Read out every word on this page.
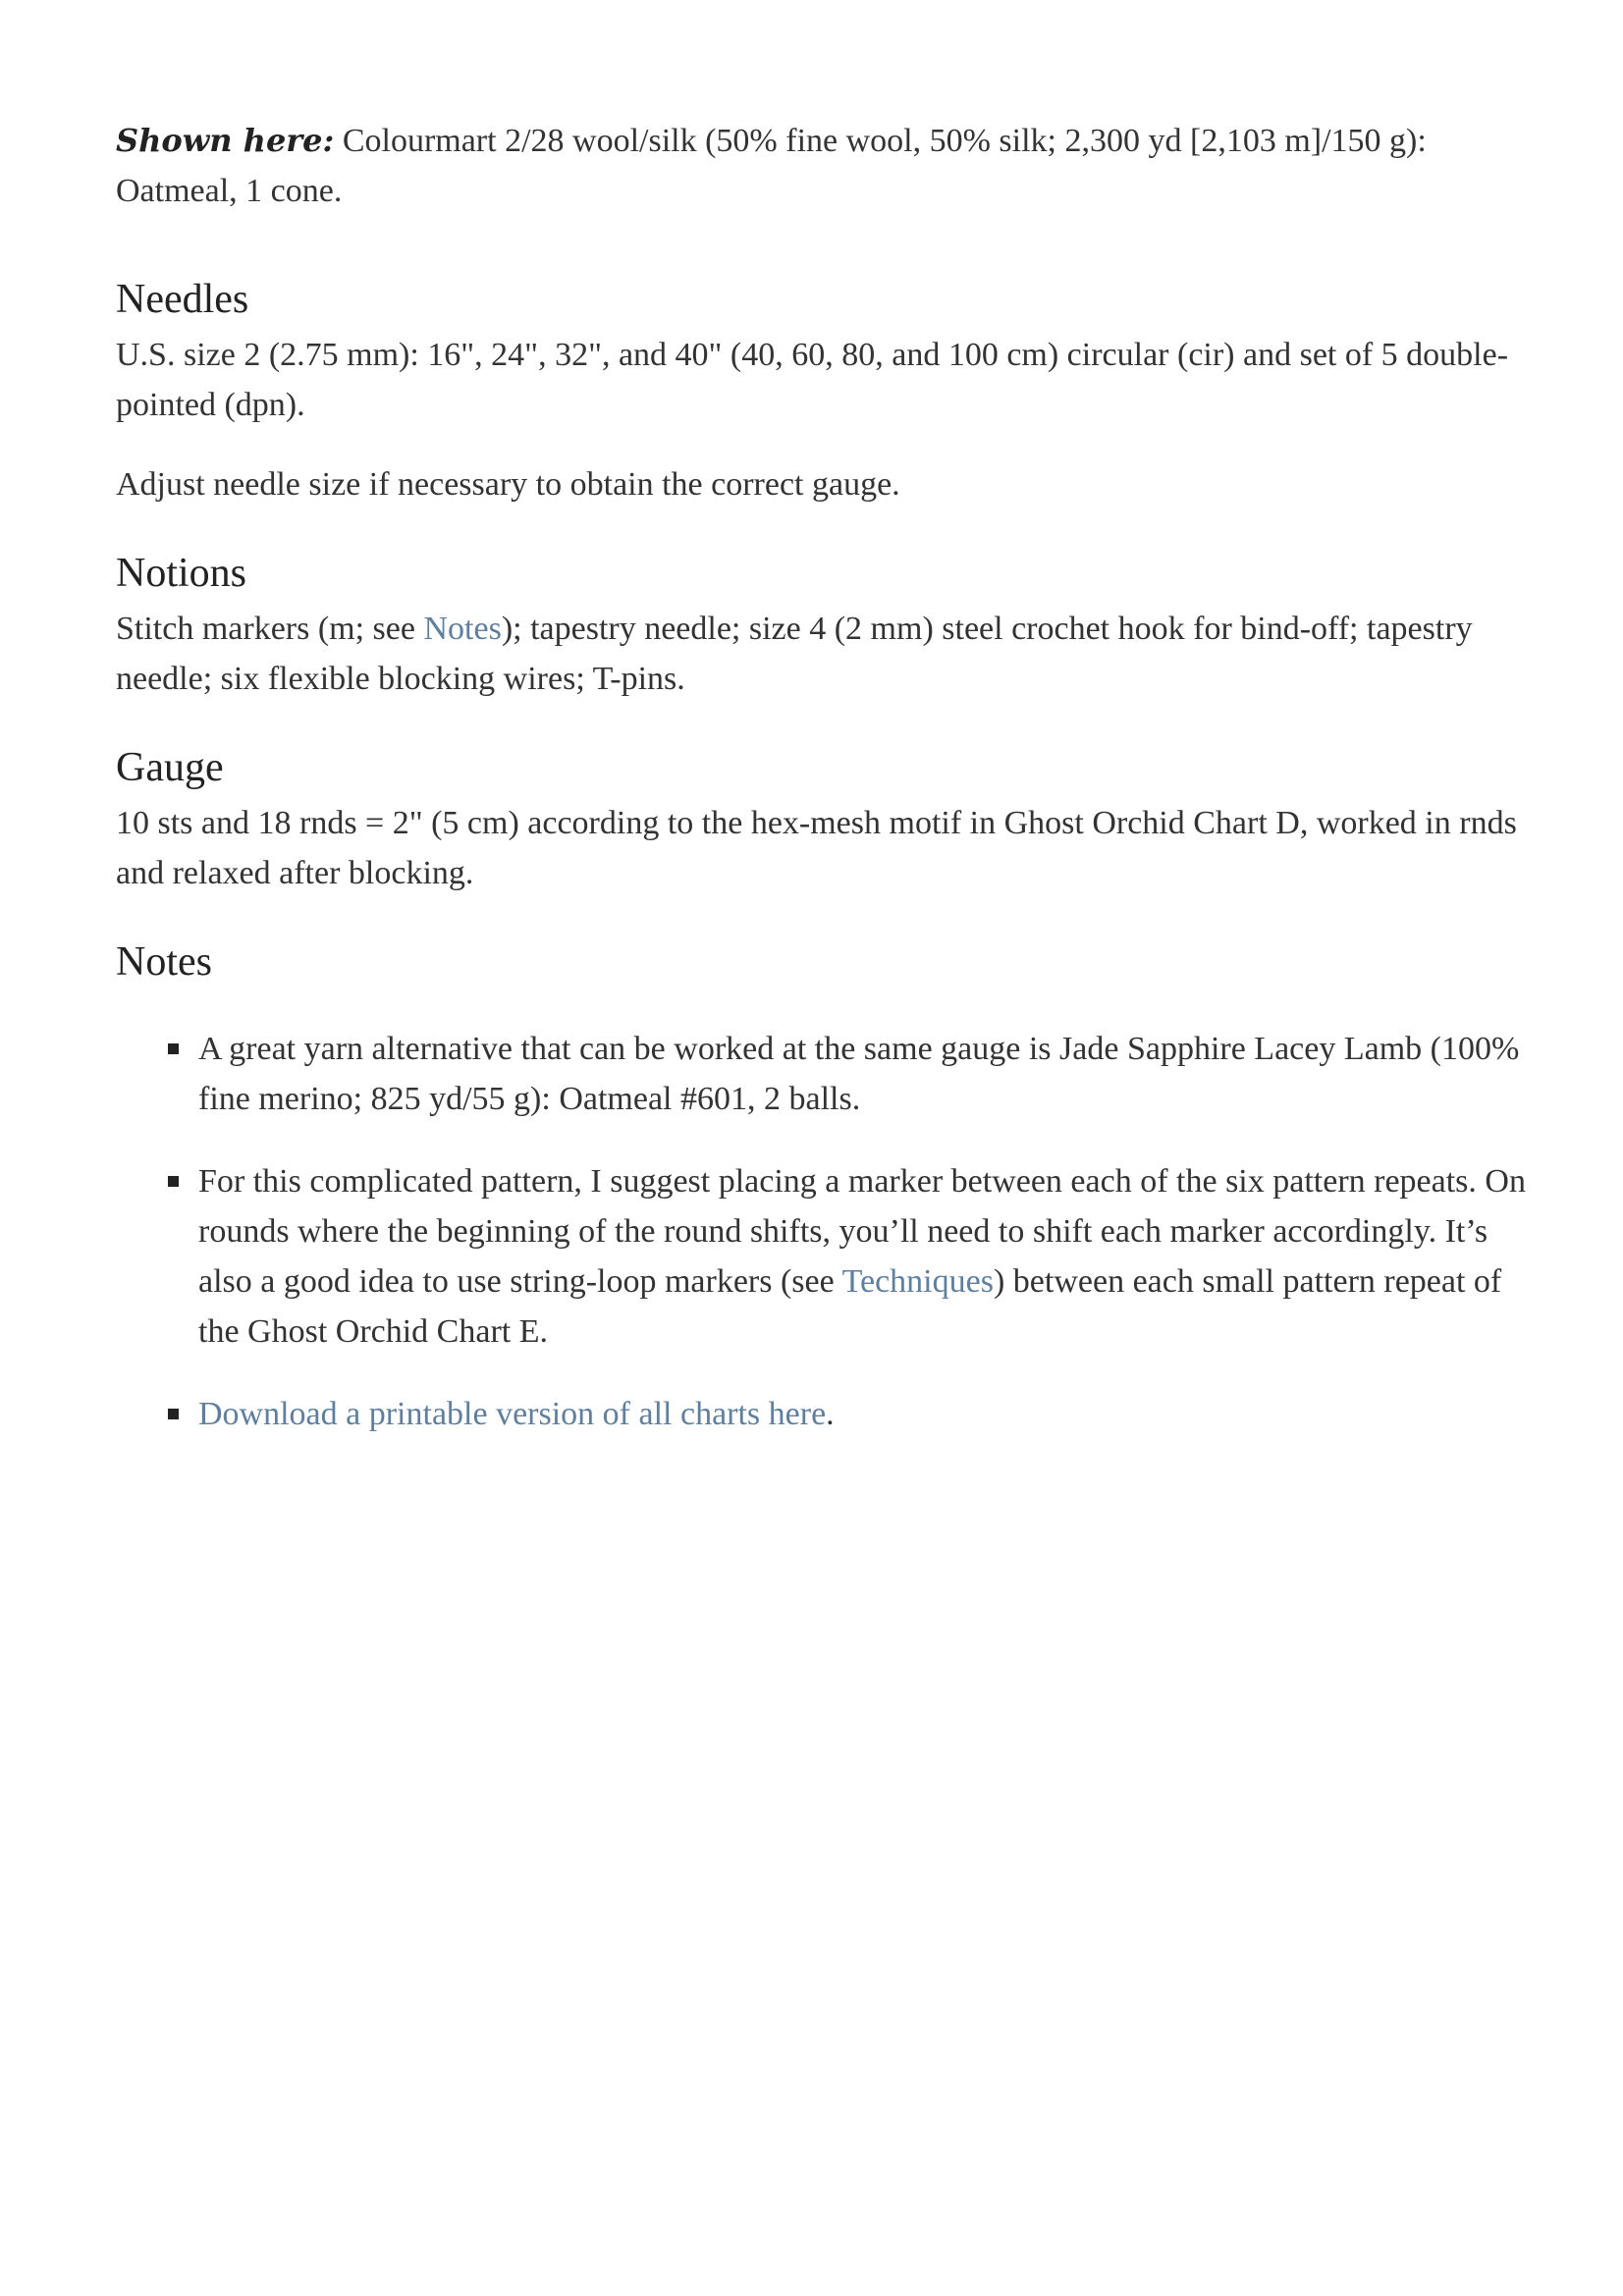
Shown here: Colourmart 2/28 wool/silk (50% fine wool, 50% silk; 2,300 yd [2,103 m]/150 g): Oatmeal, 1 cone.

Needles

U.S. size 2 (2.75 mm): 16", 24", 32", and 40" (40, 60, 80, and 100 cm) circular (cir) and set of 5 double-pointed (dpn).

Adjust needle size if necessary to obtain the correct gauge.

Notions

Stitch markers (m; see Notes); tapestry needle; size 4 (2 mm) steel crochet hook for bind-off; tapestry needle; six flexible blocking wires; T-pins.

Gauge

10 sts and 18 rnds = 2" (5 cm) according to the hex-mesh motif in Ghost Orchid Chart D, worked in rnds and relaxed after blocking.

Notes
A great yarn alternative that can be worked at the same gauge is Jade Sapphire Lacey Lamb (100% fine merino; 825 yd/55 g): Oatmeal #601, 2 balls.
For this complicated pattern, I suggest placing a marker between each of the six pattern repeats. On rounds where the beginning of the round shifts, you’ll need to shift each marker accordingly. It’s also a good idea to use string-loop markers (see Techniques) between each small pattern repeat of the Ghost Orchid Chart E.
Download a printable version of all charts here.
